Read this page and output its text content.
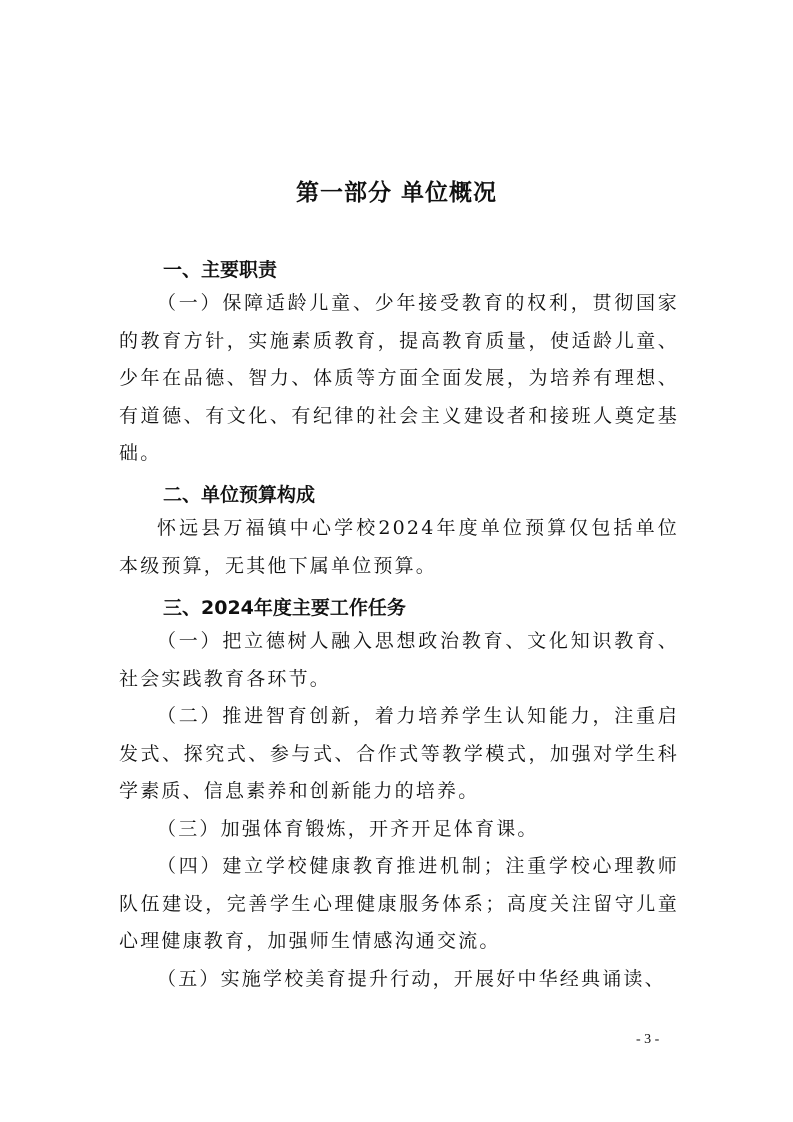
第一部分 单位概况
一、主要职责

（一）保障适龄儿童、少年接受教育的权利，贯彻国家的教育方针，实施素质教育，提高教育质量，使适龄儿童、少年在品德、智力、体质等方面全面发展，为培养有理想、有道德、有文化、有纪律的社会主义建设者和接班人奠定基础。

二、单位预算构成

怀远县万福镇中心学校2024年度单位预算仅包括单位本级预算，无其他下属单位预算。

三、2024年度主要工作任务

（一）把立德树人融入思想政治教育、文化知识教育、社会实践教育各环节。

（二）推进智育创新，着力培养学生认知能力，注重启发式、探究式、参与式、合作式等教学模式，加强对学生科学素质、信息素养和创新能力的培养。

（三）加强体育锻炼，开齐开足体育课。

（四）建立学校健康教育推进机制；注重学校心理教师队伍建设，完善学生心理健康服务体系；高度关注留守儿童心理健康教育，加强师生情感沟通交流。

（五）实施学校美育提升行动，开展好中华经典诵读、

- 3 -
